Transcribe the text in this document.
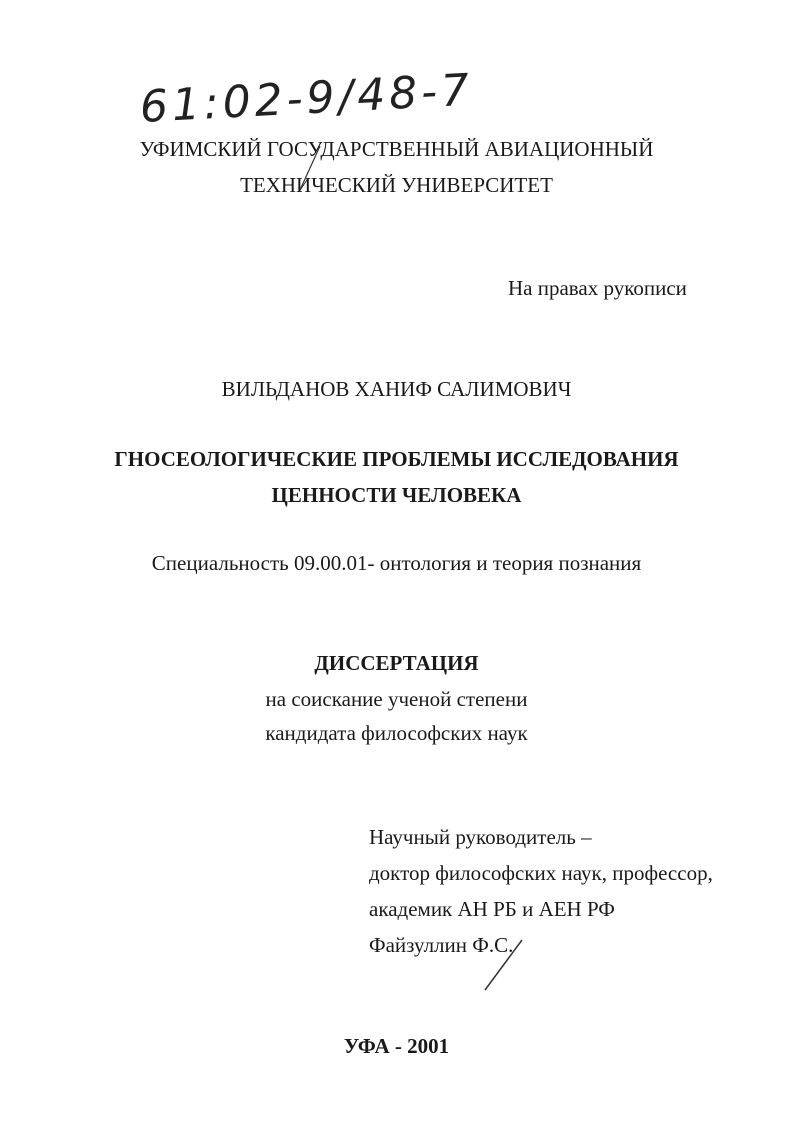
61:02-9/48-7
УФИМСКИЙ ГОСУДАРСТВЕННЫЙ АВИАЦИОННЫЙ
ТЕХНИЧЕСКИЙ УНИВЕРСИТЕТ
На правах рукописи
ВИЛЬДАНОВ ХАНИФ САЛИМОВИЧ
ГНОСЕОЛОГИЧЕСКИЕ ПРОБЛЕМЫ ИССЛЕДОВАНИЯ
ЦЕННОСТИ ЧЕЛОВЕКА
Специальность 09.00.01- онтология и теория познания
ДИССЕРТАЦИЯ
на соискание ученой степени
кандидата философских наук
Научный руководитель –
доктор философских наук, профессор,
академик АН РБ и АЕН РФ
Файзуллин Ф.С.
УФА - 2001
